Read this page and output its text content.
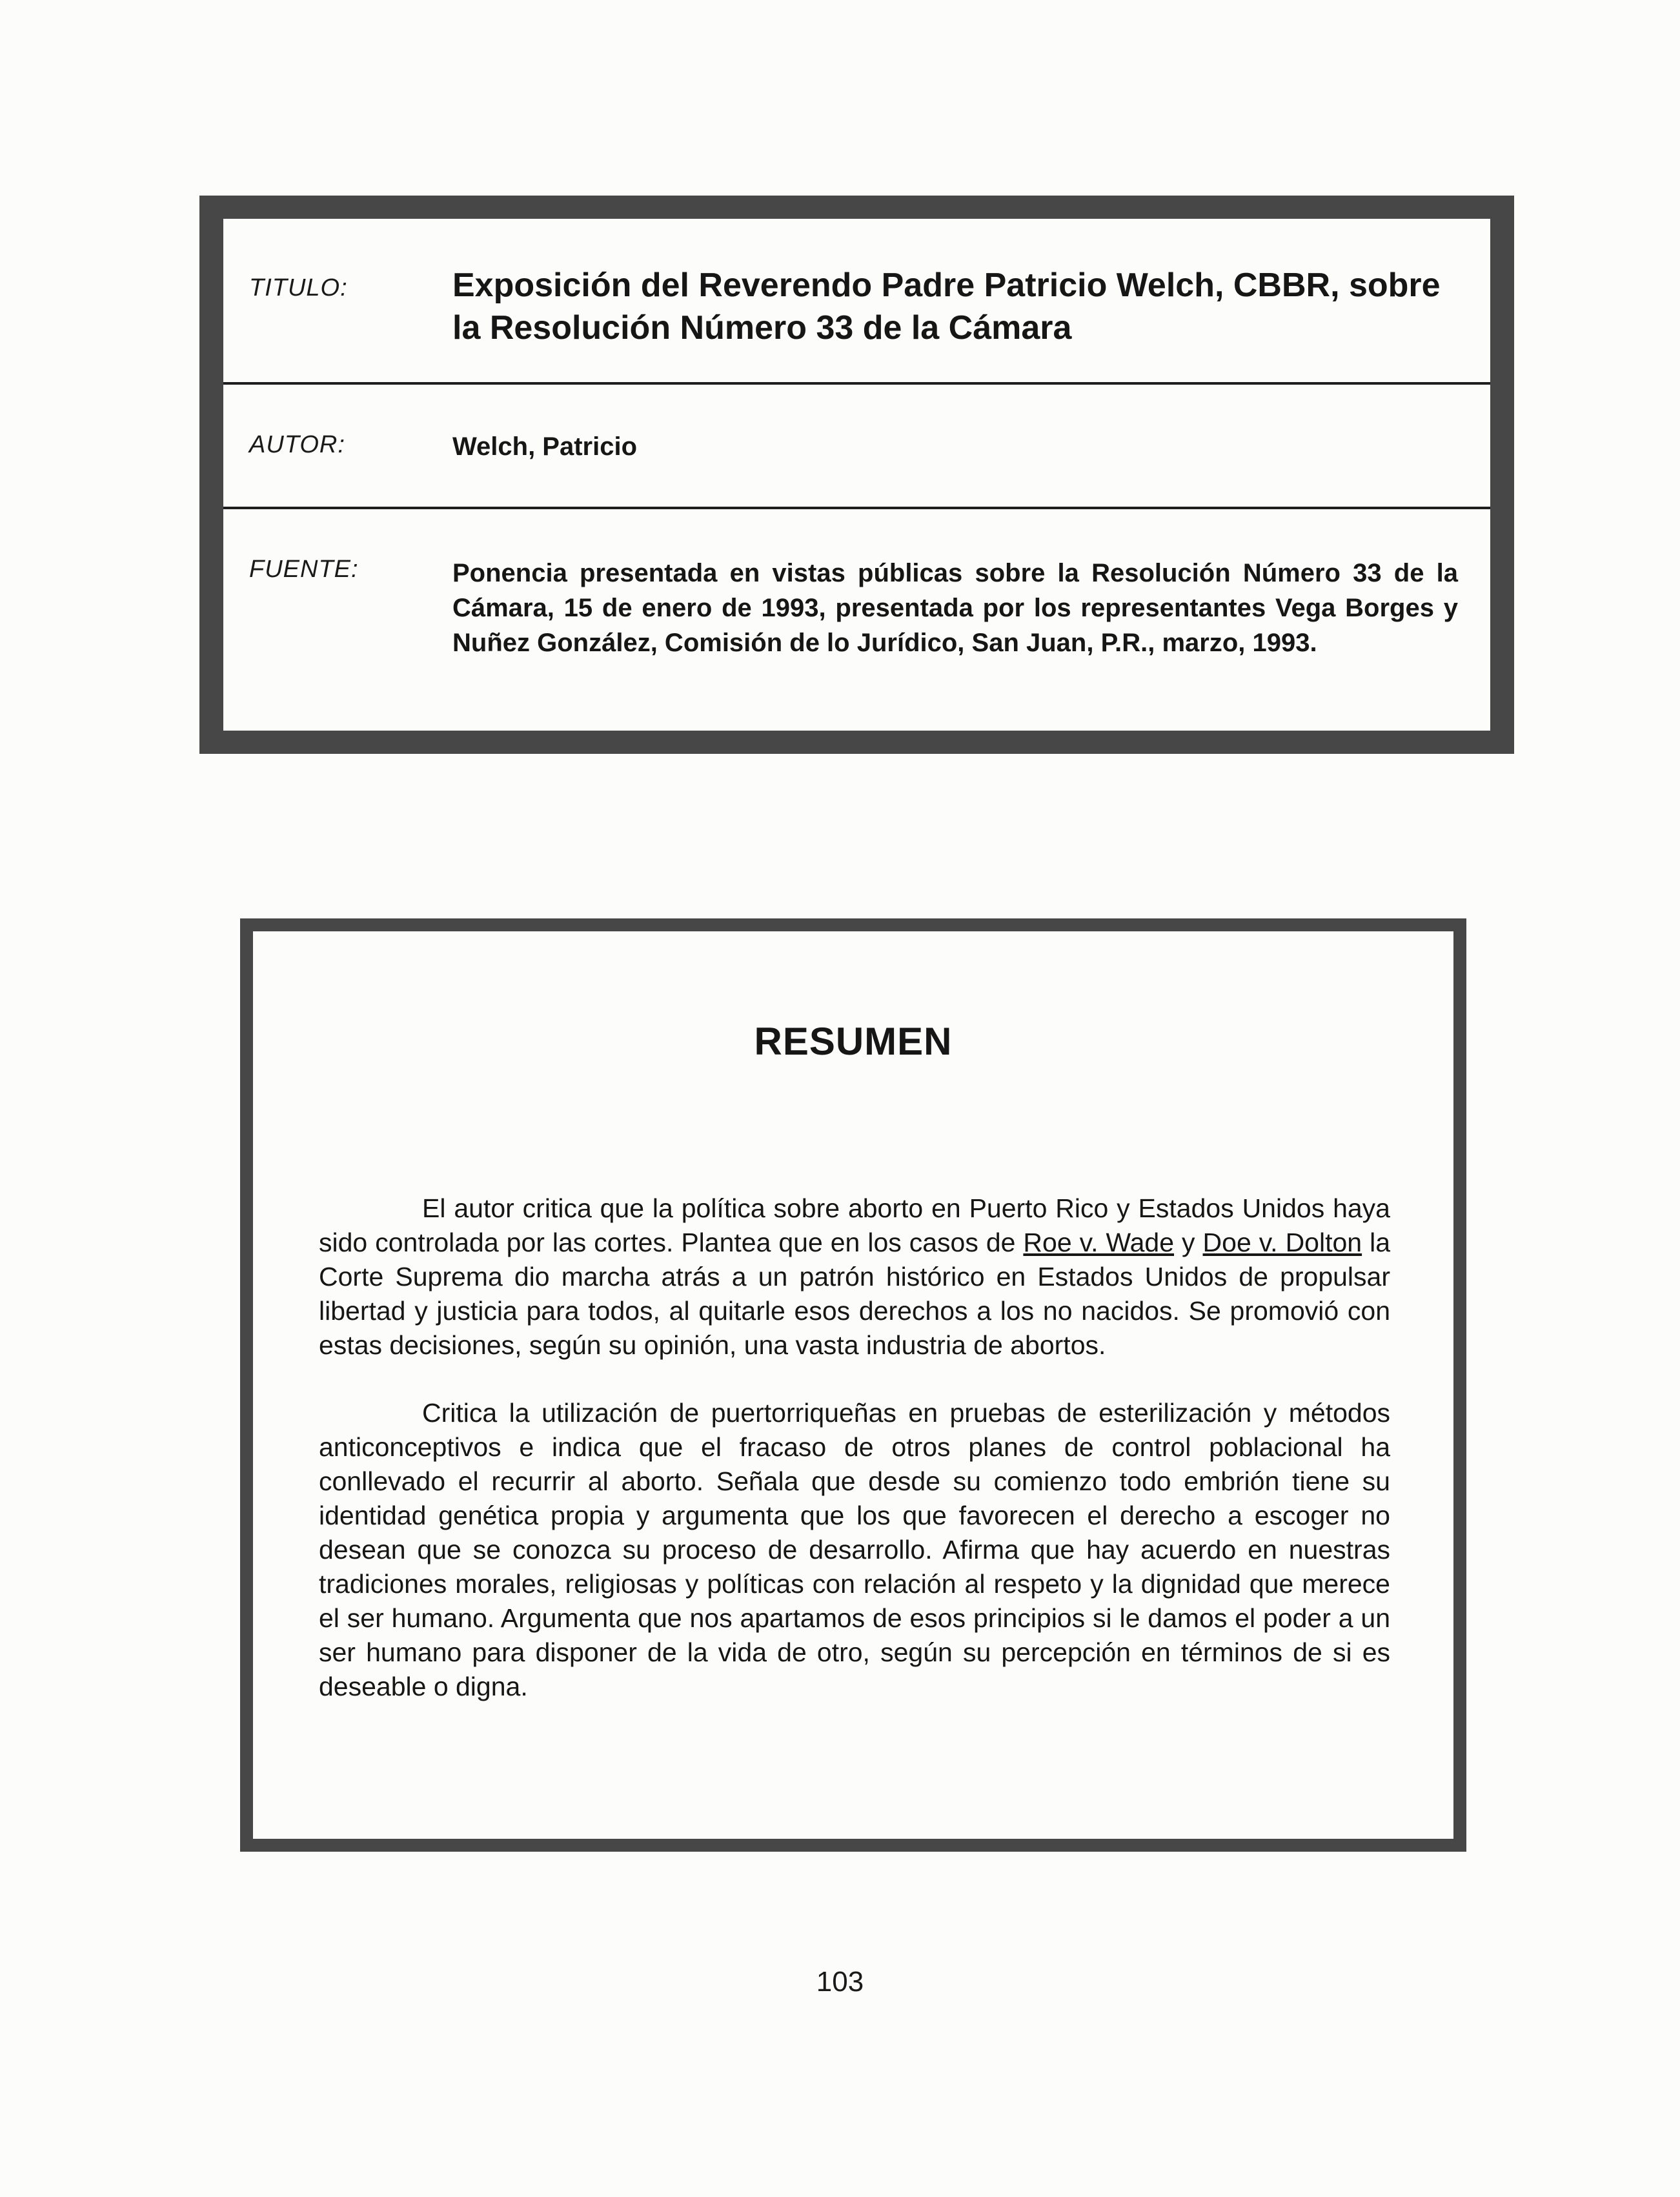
TITULO:	Exposición del Reverendo Padre Patricio Welch, CBBR, sobre la Resolución Número 33 de la Cámara
AUTOR:	Welch, Patricio
FUENTE:	Ponencia presentada en vistas públicas sobre la Resolución Número 33 de la Cámara, 15 de enero de 1993, presentada por los representantes Vega Borges y Nuñez González, Comisión de lo Jurídico, San Juan, P.R., marzo, 1993.
RESUMEN

El autor critica que la política sobre aborto en Puerto Rico y Estados Unidos haya sido controlada por las cortes. Plantea que en los casos de Roe v. Wade y Doe v. Dolton la Corte Suprema dio marcha atrás a un patrón histórico en Estados Unidos de propulsar libertad y justicia para todos, al quitarle esos derechos a los no nacidos. Se promovió con estas decisiones, según su opinión, una vasta industria de abortos.

Critica la utilización de puertorriqueñas en pruebas de esterilización y métodos anticonceptivos e indica que el fracaso de otros planes de control poblacional ha conllevado el recurrir al aborto. Señala que desde su comienzo todo embrión tiene su identidad genética propia y argumenta que los que favorecen el derecho a escoger no desean que se conozca su proceso de desarrollo. Afirma que hay acuerdo en nuestras tradiciones morales, religiosas y políticas con relación al respeto y la dignidad que merece el ser humano. Argumenta que nos apartamos de esos principios si le damos el poder a un ser humano para disponer de la vida de otro, según su percepción en términos de si es deseable o digna.

103
